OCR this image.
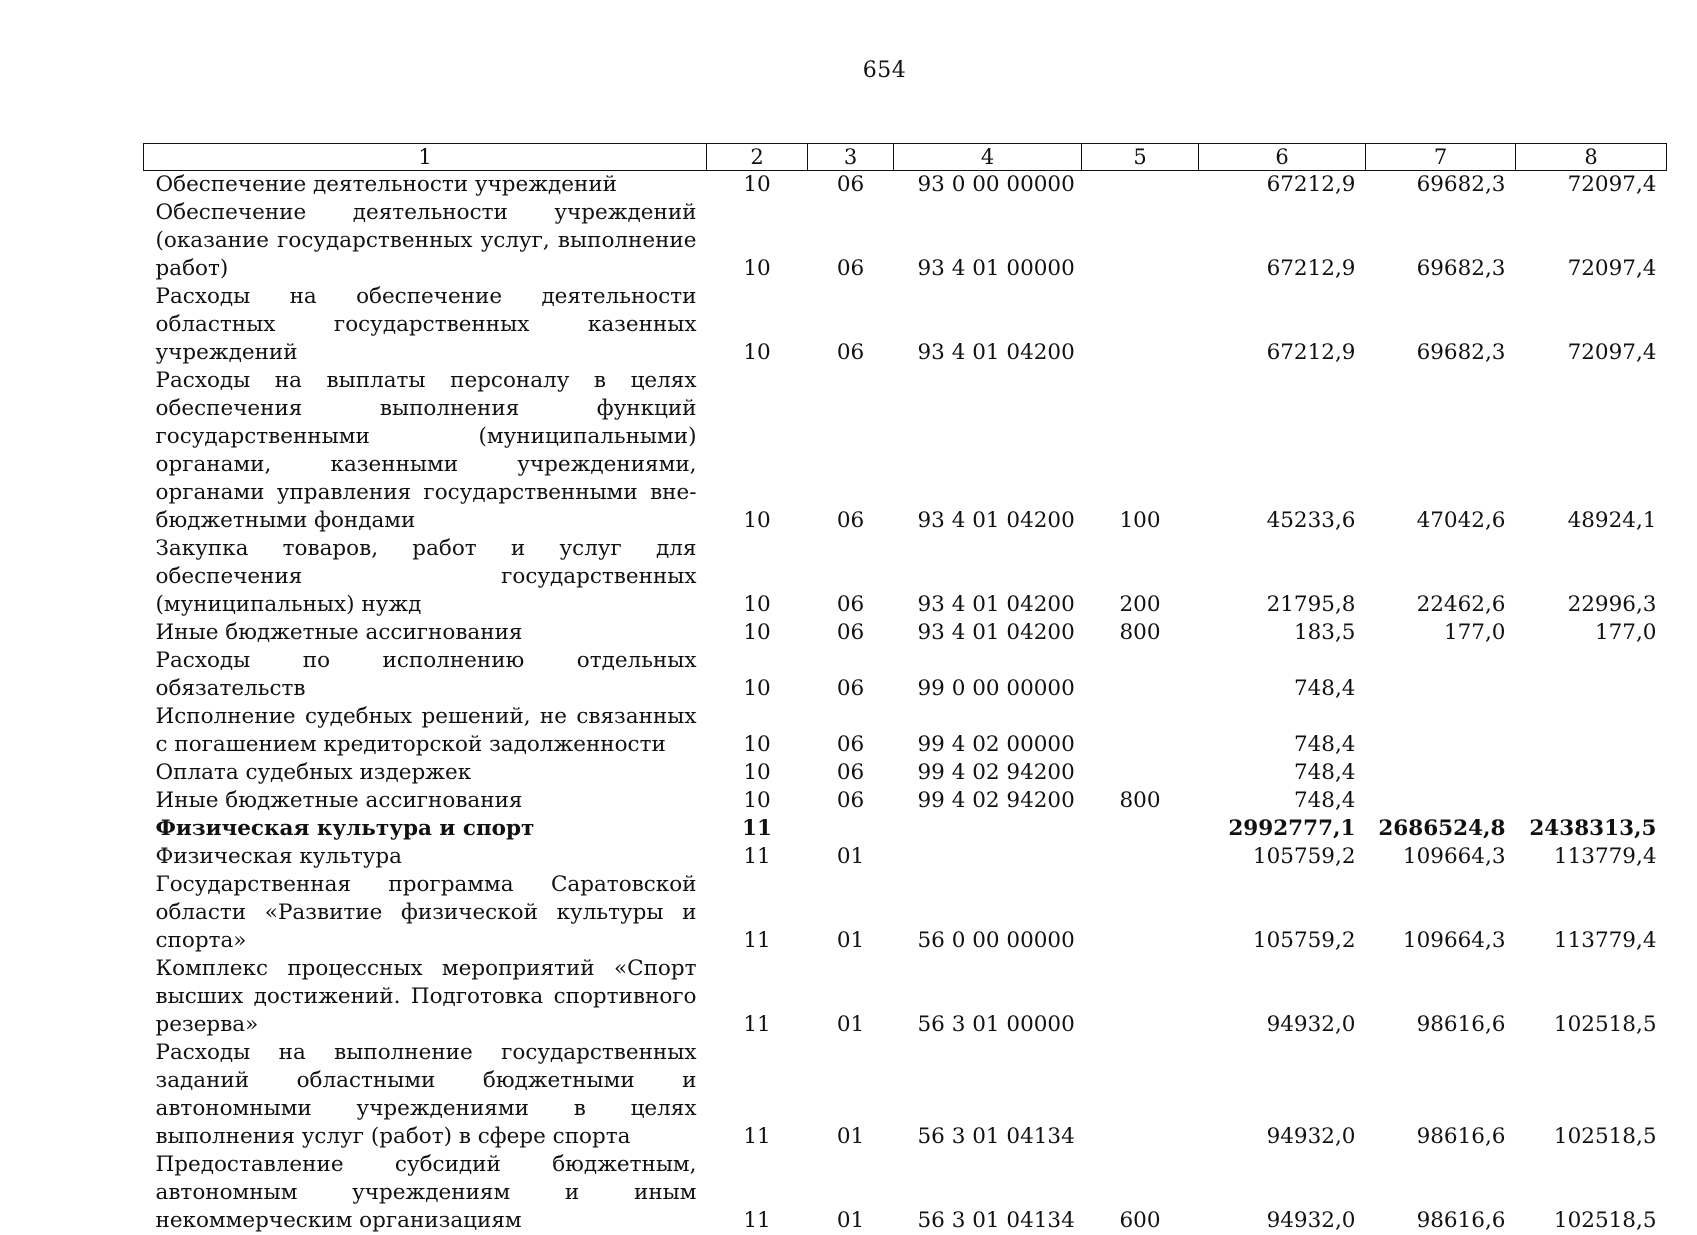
654
1	2	3	4	5	6	7	8
Обеспечение деятельности учреждений	10	06	93 0 00 00000		67212,9	69682,3	72097,4
Обеспечение деятельности учреждений (оказание государственных услуг, выполнение работ)	10	06	93 4 01 00000		67212,9	69682,3	72097,4
Расходы на обеспечение деятельности областных государственных казенных учреждений	10	06	93 4 01 04200		67212,9	69682,3	72097,4
Расходы на выплаты персоналу в целях обеспечения выполнения функций государственными (муниципальными) органами, казенными учреждениями, органами управления государственными внебюджетными фондами	10	06	93 4 01 04200	100	45233,6	47042,6	48924,1
Закупка товаров, работ и услуг для обеспечения государственных (муниципальных) нужд	10	06	93 4 01 04200	200	21795,8	22462,6	22996,3
Иные бюджетные ассигнования	10	06	93 4 01 04200	800	183,5	177,0	177,0
Расходы по исполнению отдельных обязательств	10	06	99 0 00 00000		748,4		
Исполнение судебных решений, не связанных с погашением кредиторской задолженности	10	06	99 4 02 00000		748,4		
Оплата судебных издержек	10	06	99 4 02 94200		748,4		
Иные бюджетные ассигнования	10	06	99 4 02 94200	800	748,4		
Физическая культура и спорт	11				2992777,1	2686524,8	2438313,5
Физическая культура	11	01			105759,2	109664,3	113779,4
Государственная программа Саратовской области «Развитие физической культуры и спорта»	11	01	56 0 00 00000		105759,2	109664,3	113779,4
Комплекс процессных мероприятий «Спорт высших достижений. Подготовка спортивного резерва»	11	01	56 3 01 00000		94932,0	98616,6	102518,5
Расходы на выполнение государственных заданий областными бюджетными и автономными учреждениями в целях выполнения услуг (работ) в сфере спорта	11	01	56 3 01 04134		94932,0	98616,6	102518,5
Предоставление субсидий бюджетным, автономным учреждениям и иным некоммерческим организациям	11	01	56 3 01 04134	600	94932,0	98616,6	102518,5
